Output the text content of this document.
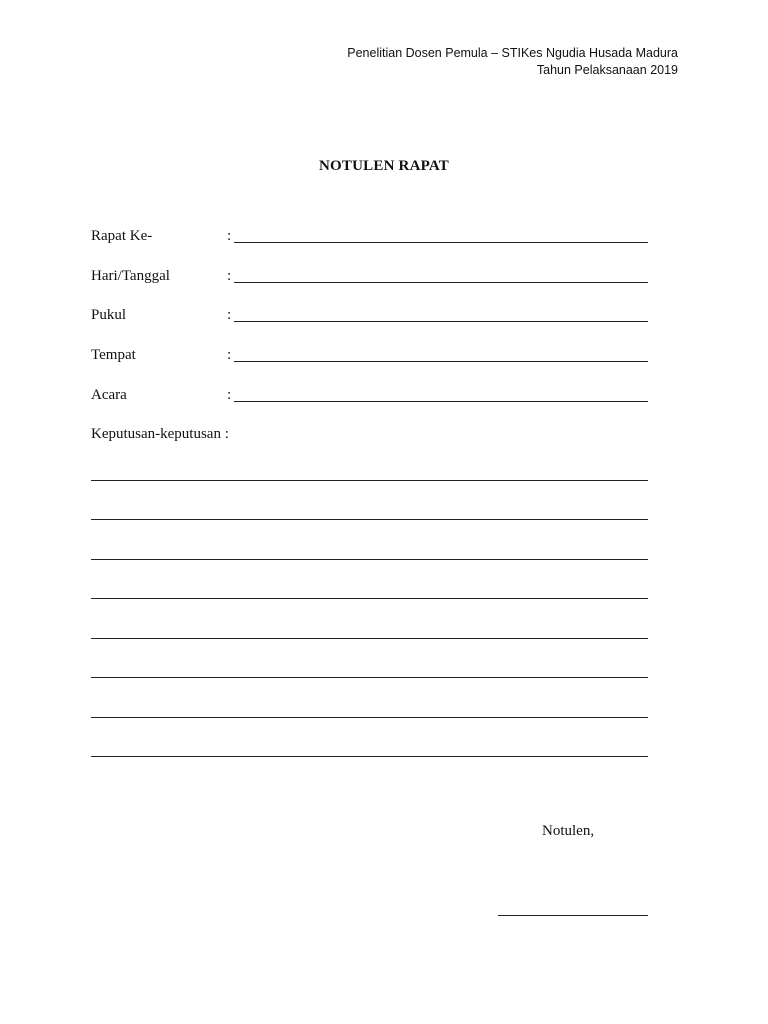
Penelitian Dosen Pemula – STIKes Ngudia Husada Madura
Tahun Pelaksanaan 2019
NOTULEN RAPAT
Rapat Ke-	:
Hari/Tanggal	:
Pukul	:
Tempat	:
Acara	:
Keputusan-keputusan :
Notulen,
